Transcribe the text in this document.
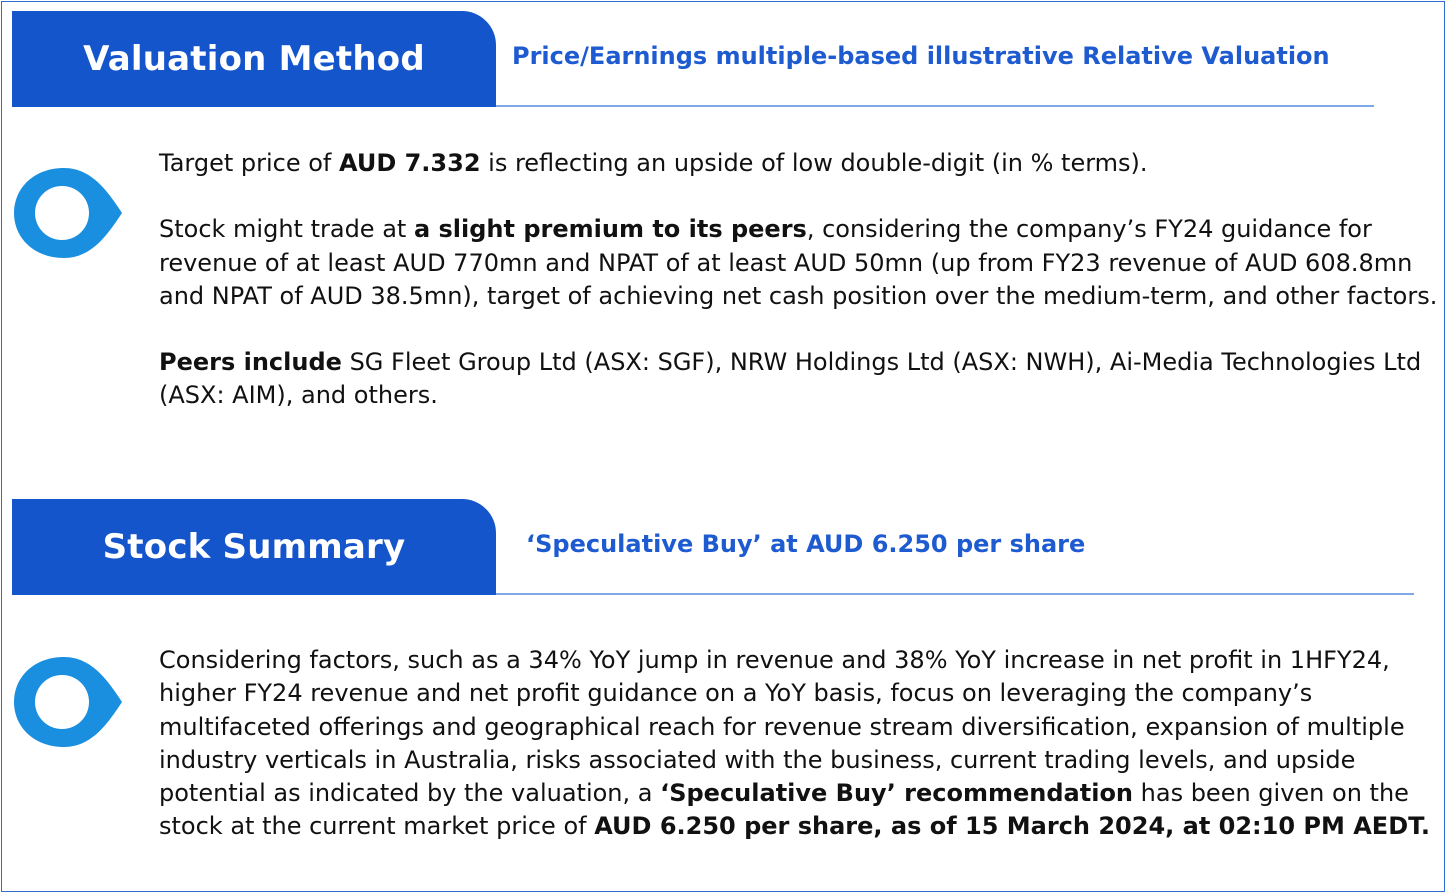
Valuation Method	Price/Earnings multiple-based illustrative Relative Valuation

Target price of AUD 7.332 is reflecting an upside of low double-digit (in % terms).

Stock might trade at a slight premium to its peers, considering the company’s FY24 guidance for revenue of at least AUD 770mn and NPAT of at least AUD 50mn (up from FY23 revenue of AUD 608.8mn and NPAT of AUD 38.5mn), target of achieving net cash position over the medium-term, and other factors.

Peers include SG Fleet Group Ltd (ASX: SGF), NRW Holdings Ltd (ASX: NWH), Ai-Media Technologies Ltd (ASX: AIM), and others.

Stock Summary	‘Speculative Buy’ at AUD 6.250 per share

Considering factors, such as a 34% YoY jump in revenue and 38% YoY increase in net profit in 1HFY24, higher FY24 revenue and net profit guidance on a YoY basis, focus on leveraging the company’s multifaceted offerings and geographical reach for revenue stream diversification, expansion of multiple industry verticals in Australia, risks associated with the business, current trading levels, and upside potential as indicated by the valuation, a ‘Speculative Buy’ recommendation has been given on the stock at the current market price of AUD 6.250 per share, as of 15 March 2024, at 02:10 PM AEDT.
